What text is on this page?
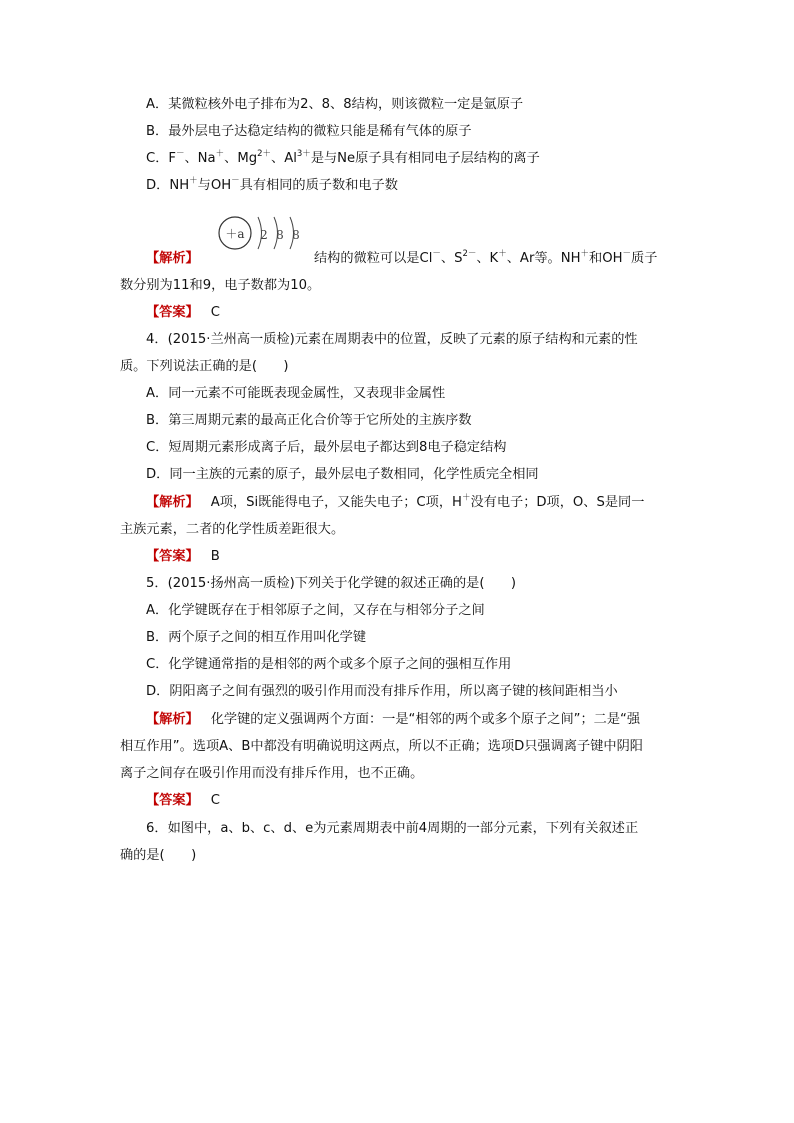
A．某微粒核外电子排布为2、8、8结构，则该微粒一定是氩原子
B．最外层电子达稳定结构的微粒只能是稀有气体的原子
C．F－、Na＋、$Mg^{2+}$、$Al^{3+}$是与Ne原子具有相同电子层结构的离子
D．NH＋与OH－具有相同的质子数和电子数
＋a 2 8 8
【解析】	结构的微粒可以是Cl－、$S^{2-}$、K＋、Ar等。NH＋和OH－质子
数分别为11和9，电子数都为10。
【答案】 C
4．(2015·兰州高一质检)元素在周期表中的位置，反映了元素的原子结构和元素的性
质。下列说法正确的是(　　)
A．同一元素不可能既表现金属性，又表现非金属性
B．第三周期元素的最高正化合价等于它所处的主族序数
C．短周期元素形成离子后，最外层电子都达到8电子稳定结构
D．同一主族的元素的原子，最外层电子数相同，化学性质完全相同
【解析】 A项，Si既能得电子，又能失电子；C项，H＋没有电子；D项，O、S是同一
主族元素，二者的化学性质差距很大。
【答案】 B
5．(2015·扬州高一质检)下列关于化学键的叙述正确的是(　　)
A．化学键既存在于相邻原子之间，又存在与相邻分子之间
B．两个原子之间的相互作用叫化学键
C．化学键通常指的是相邻的两个或多个原子之间的强相互作用
D．阴阳离子之间有强烈的吸引作用而没有排斥作用，所以离子键的核间距相当小
【解析】 化学键的定义强调两个方面：一是“相邻的两个或多个原子之间”；二是“强
相互作用”。选项A、B中都没有明确说明这两点，所以不正确；选项D只强调离子键中阴阳
离子之间存在吸引作用而没有排斥作用，也不正确。
【答案】 C
6．如图中，a、b、c、d、e为元素周期表中前4周期的一部分元素，下列有关叙述正
确的是(　　)
